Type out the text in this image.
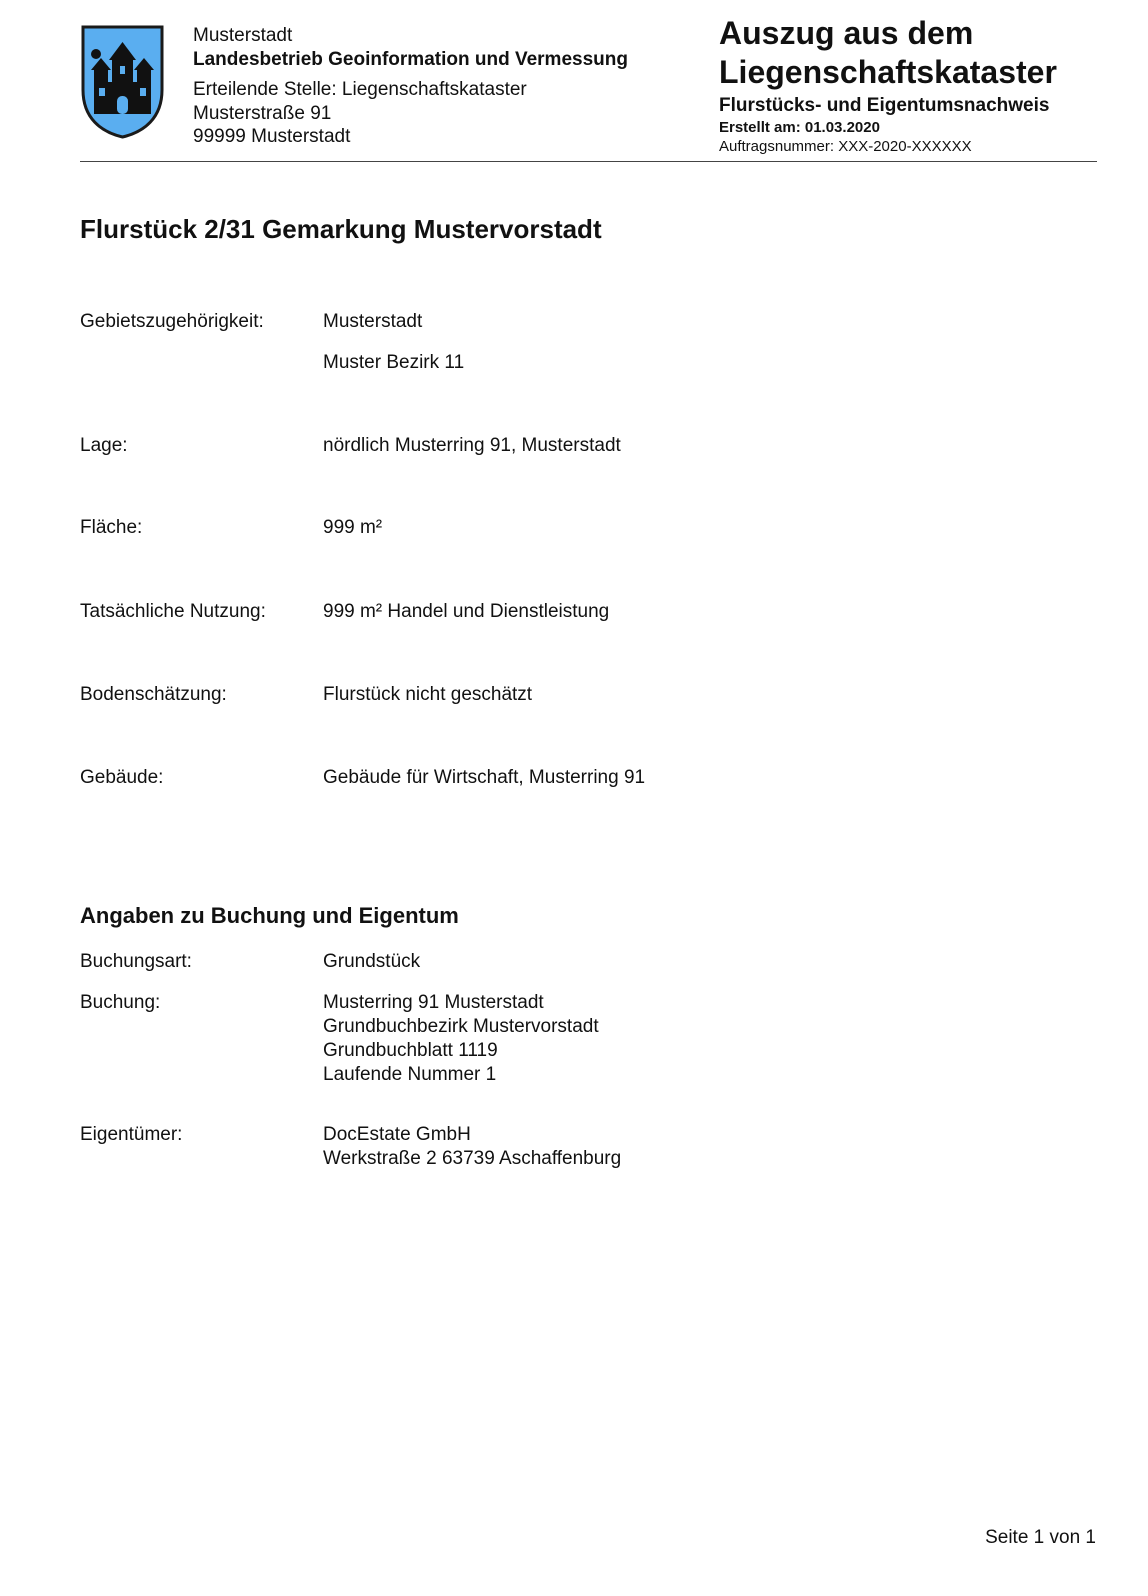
Musterstadt
Landesbetrieb Geoinformation und Vermessung
Erteilende Stelle: Liegenschaftskataster
Musterstraße 91
99999 Musterstadt
Auszug aus dem
Liegenschaftskataster
Flurstücks- und Eigentumsnachweis
Erstellt am: 01.03.2020
Auftragsnummer: XXX-2020-XXXXXX
Flurstück 2/31 Gemarkung Mustervorstadt
Gebietszugehörigkeit:	Musterstadt
Muster Bezirk 11
Lage:	nördlich Musterring 91, Musterstadt
Fläche:	999 m²
Tatsächliche Nutzung:	999 m² Handel und Dienstleistung
Bodenschätzung:	Flurstück nicht geschätzt
Gebäude:	Gebäude für Wirtschaft, Musterring 91
Angaben zu Buchung und Eigentum
Buchungsart:	Grundstück
Buchung:	Musterring 91 Musterstadt
Grundbuchbezirk Mustervorstadt
Grundbuchblatt 1119
Laufende Nummer 1
Eigentümer:	DocEstate GmbH
Werkstraße 2 63739 Aschaffenburg
Seite 1 von 1
